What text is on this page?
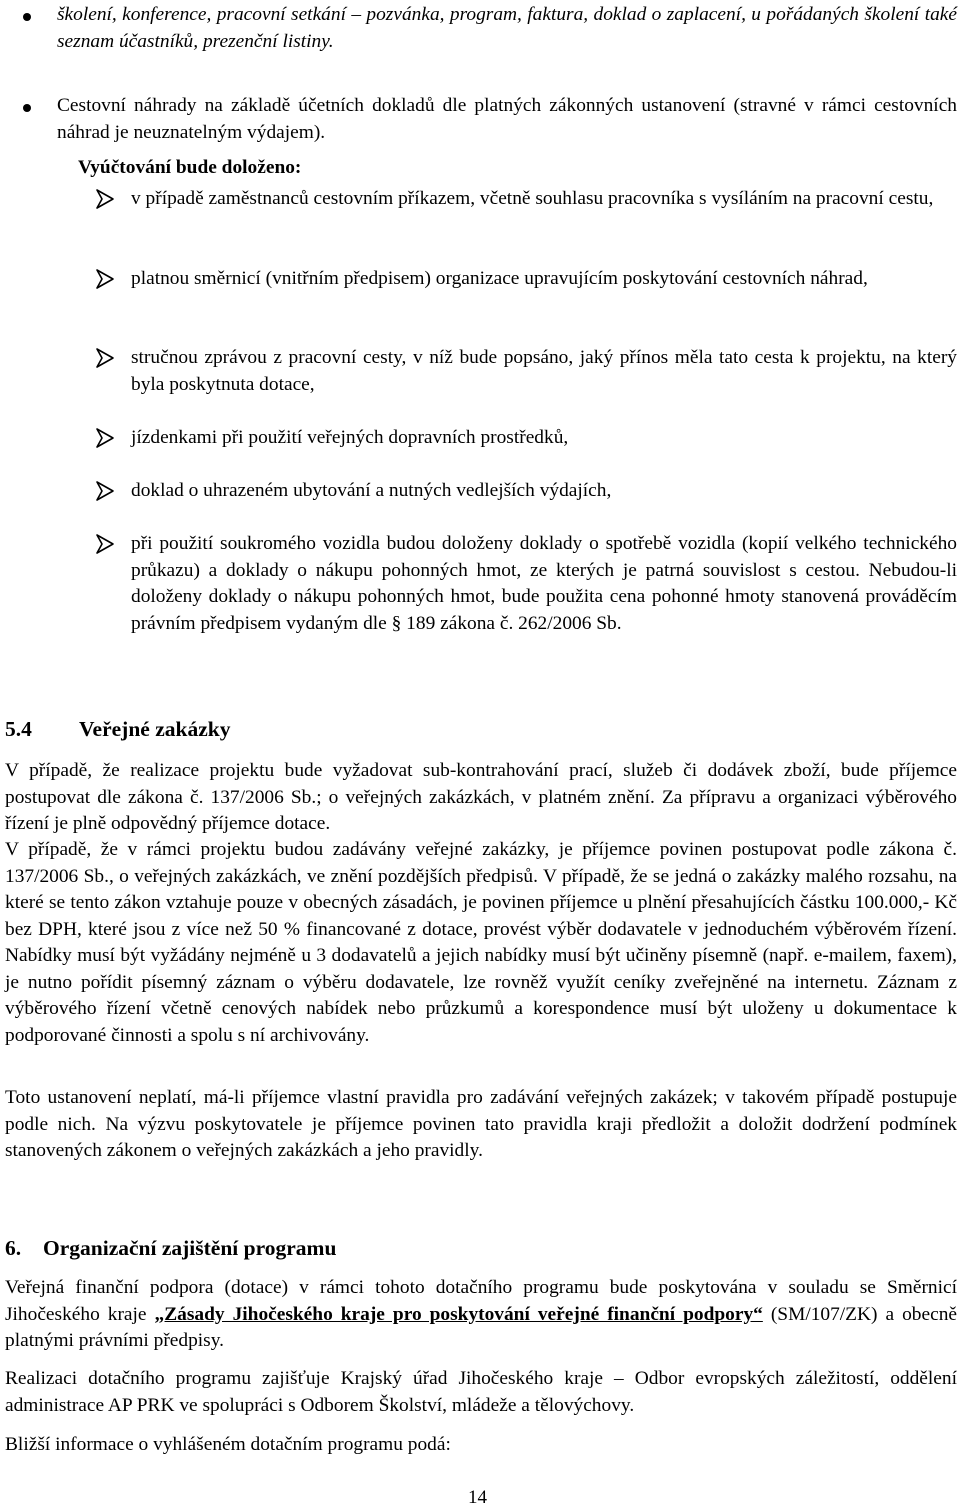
školení, konference, pracovní setkání – pozvánka, program, faktura, doklad o zaplacení, u pořádaných školení také seznam účastníků, prezenční listiny.
Cestovní náhrady na základě účetních dokladů dle platných zákonných ustanovení (stravné v rámci cestovních náhrad je neuznatelným výdajem).
Vyúčtování bude doloženo:
v případě zaměstnanců cestovním příkazem, včetně souhlasu pracovníka s vysíláním na pracovní cestu,
platnou směrnicí (vnitřním předpisem) organizace upravujícím poskytování cestovních náhrad,
stručnou zprávou z pracovní cesty, v níž bude popsáno, jaký přínos měla tato cesta k projektu, na který byla poskytnuta dotace,
jízdenkami při použití veřejných dopravních prostředků,
doklad o uhrazeném ubytování a nutných vedlejších výdajích,
při použití soukromého vozidla budou doloženy doklady o spotřebě vozidla (kopií velkého technického průkazu) a doklady o nákupu pohonných hmot, ze kterých je patrná souvislost s cestou. Nebudou-li doloženy doklady o nákupu pohonných hmot, bude použita cena pohonné hmoty stanovená prováděcím právním předpisem vydaným dle § 189 zákona č. 262/2006 Sb.
5.4 Veřejné zakázky

V případě, že realizace projektu bude vyžadovat sub-kontrahování prací, služeb či dodávek zboží, bude příjemce postupovat dle zákona č. 137/2006 Sb.; o veřejných zakázkách, v platném znění. Za přípravu a organizaci výběrového řízení je plně odpovědný příjemce dotace.

V případě, že v rámci projektu budou zadávány veřejné zakázky, je příjemce povinen postupovat podle zákona č. 137/2006 Sb., o veřejných zakázkách, ve znění pozdějších předpisů. V případě, že se jedná o zakázky malého rozsahu, na které se tento zákon vztahuje pouze v obecných zásadách, je povinen příjemce u plnění přesahujících částku 100.000,- Kč bez DPH, které jsou z více než 50 % financované z dotace, provést výběr dodavatele v jednoduchém výběrovém řízení. Nabídky musí být vyžádány nejméně u 3 dodavatelů a jejich nabídky musí být učiněny písemně (např. e-mailem, faxem), je nutno pořídit písemný záznam o výběru dodavatele, lze rovněž využít ceníky zveřejněné na internetu. Záznam z výběrového řízení včetně cenových nabídek nebo průzkumů a korespondence musí být uloženy u dokumentace k podporované činnosti a spolu s ní archivovány.

Toto ustanovení neplatí, má-li příjemce vlastní pravidla pro zadávání veřejných zakázek; v takovém případě postupuje podle nich. Na výzvu poskytovatele je příjemce povinen tato pravidla kraji předložit a doložit dodržení podmínek stanovených zákonem o veřejných zakázkách a jeho pravidly.

6. Organizační zajištění programu

Veřejná finanční podpora (dotace) v rámci tohoto dotačního programu bude poskytována v souladu se Směrnicí Jihočeského kraje „Zásady Jihočeského kraje pro poskytování veřejné finanční podpory“ (SM/107/ZK) a obecně platnými právními předpisy.

Realizaci dotačního programu zajišťuje Krajský úřad Jihočeského kraje – Odbor evropských záležitostí, oddělení administrace AP PRK ve spolupráci s Odborem Školství, mládeže a tělovýchovy.

Bližší informace o vyhlášeném dotačním programu podá:

14
